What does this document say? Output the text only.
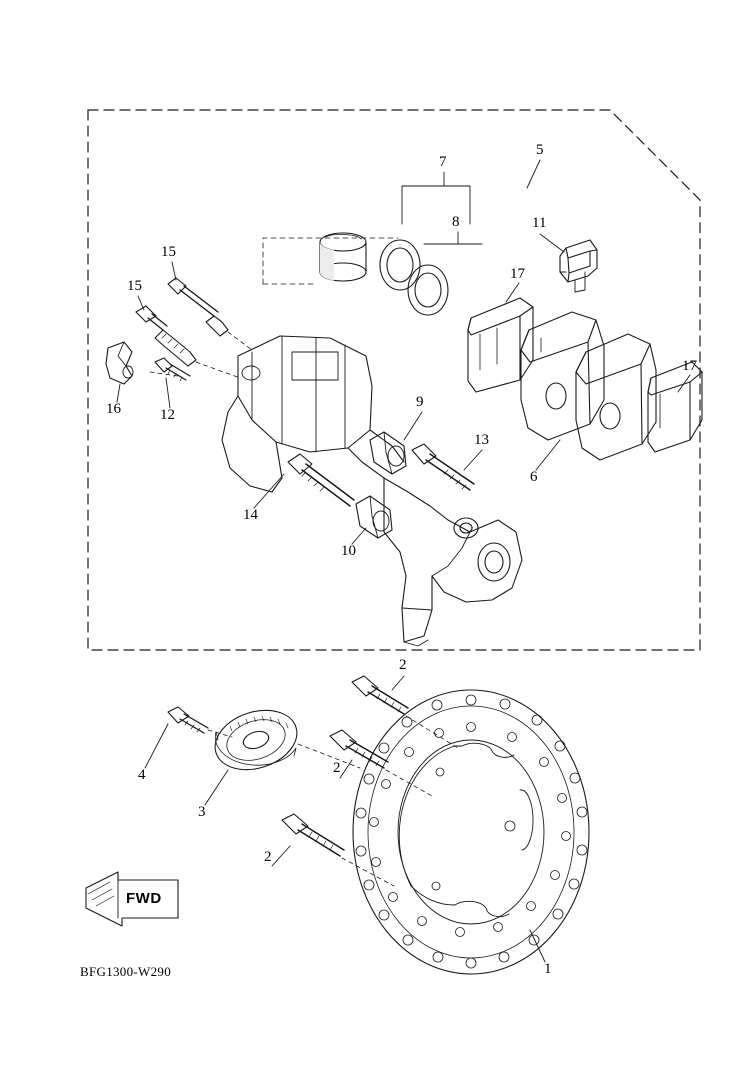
1
2
2
2
3
4
5
6
7
8
9
10
11
12
13
14
15
15
16
17
17
FWD
BFG1300-W290
